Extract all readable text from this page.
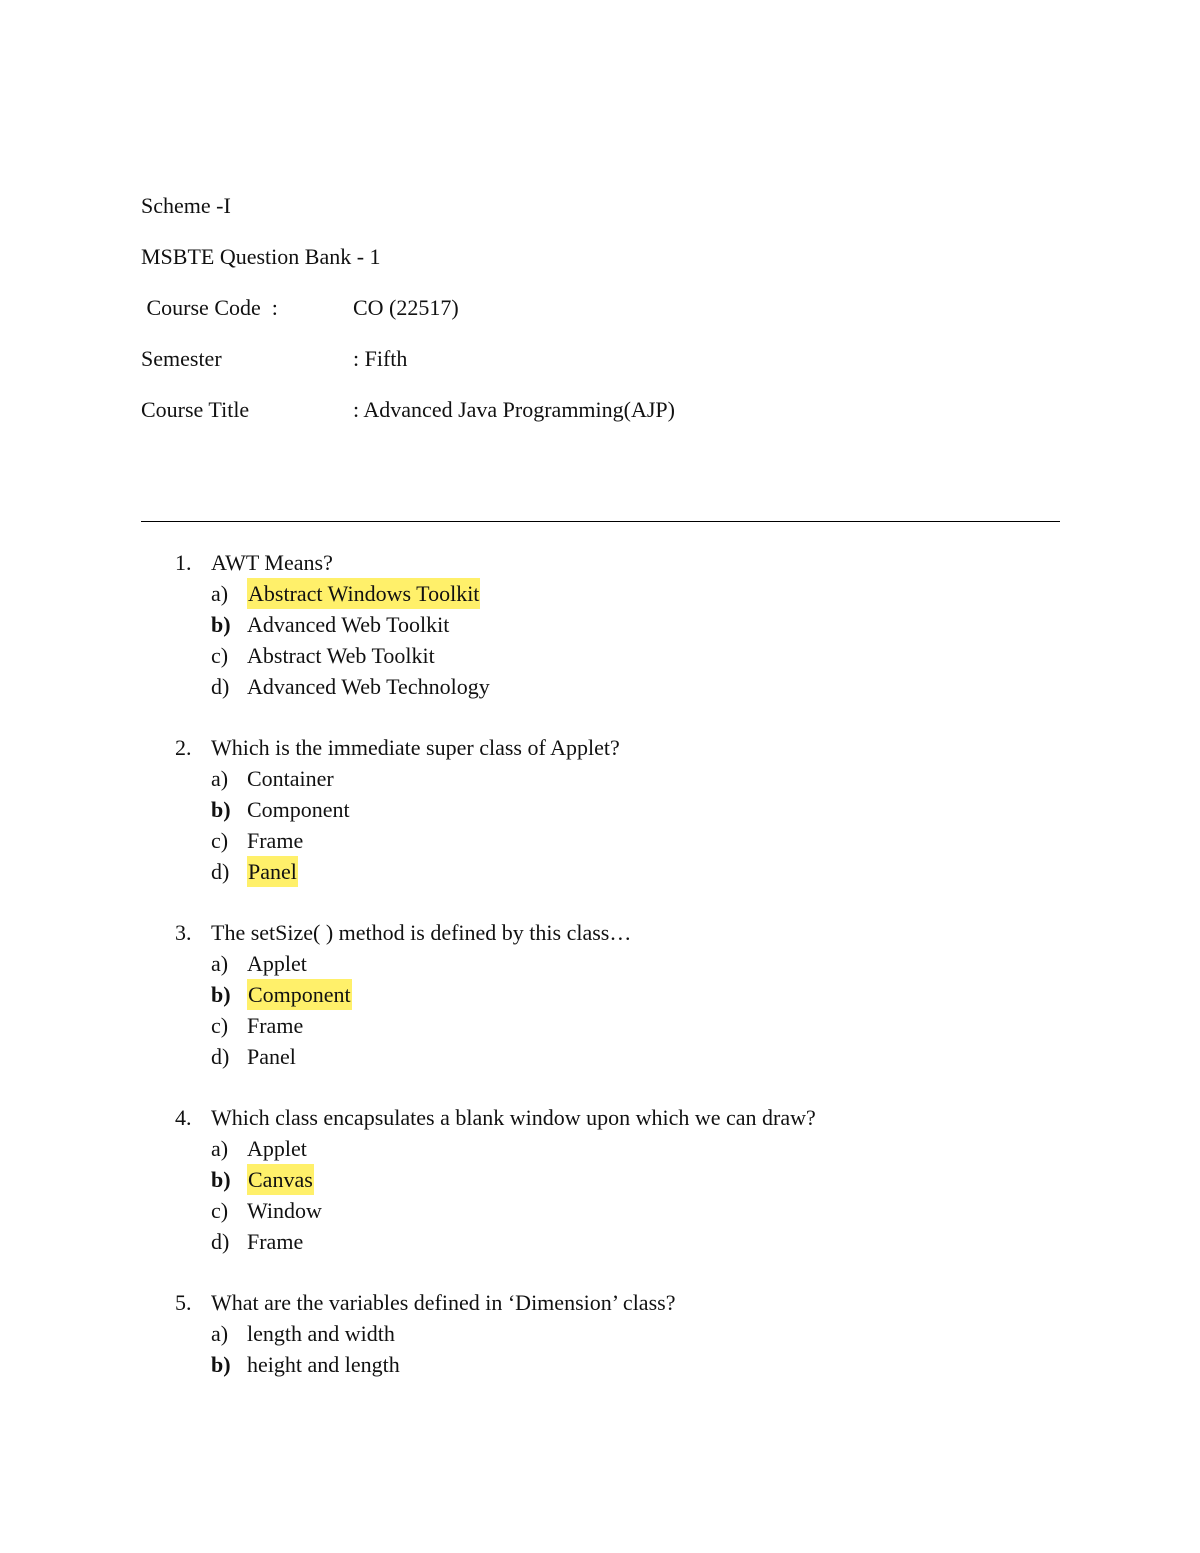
Scheme -I
MSBTE Question Bank - 1
Course Code  :	CO (22517)
Semester	: Fifth
Course Title	: Advanced Java Programming(AJP)
1. AWT Means?
a) Abstract Windows Toolkit
b) Advanced Web Toolkit
c) Abstract Web Toolkit
d) Advanced Web Technology
2. Which is the immediate super class of Applet?
a) Container
b) Component
c) Frame
d) Panel
3. The setSize( ) method is defined by this class…
a) Applet
b) Component
c) Frame
d) Panel
4. Which class encapsulates a blank window upon which we can draw?
a) Applet
b) Canvas
c) Window
d) Frame
5. What are the variables defined in ‘Dimension’ class?
a) length and width
b) height and length
